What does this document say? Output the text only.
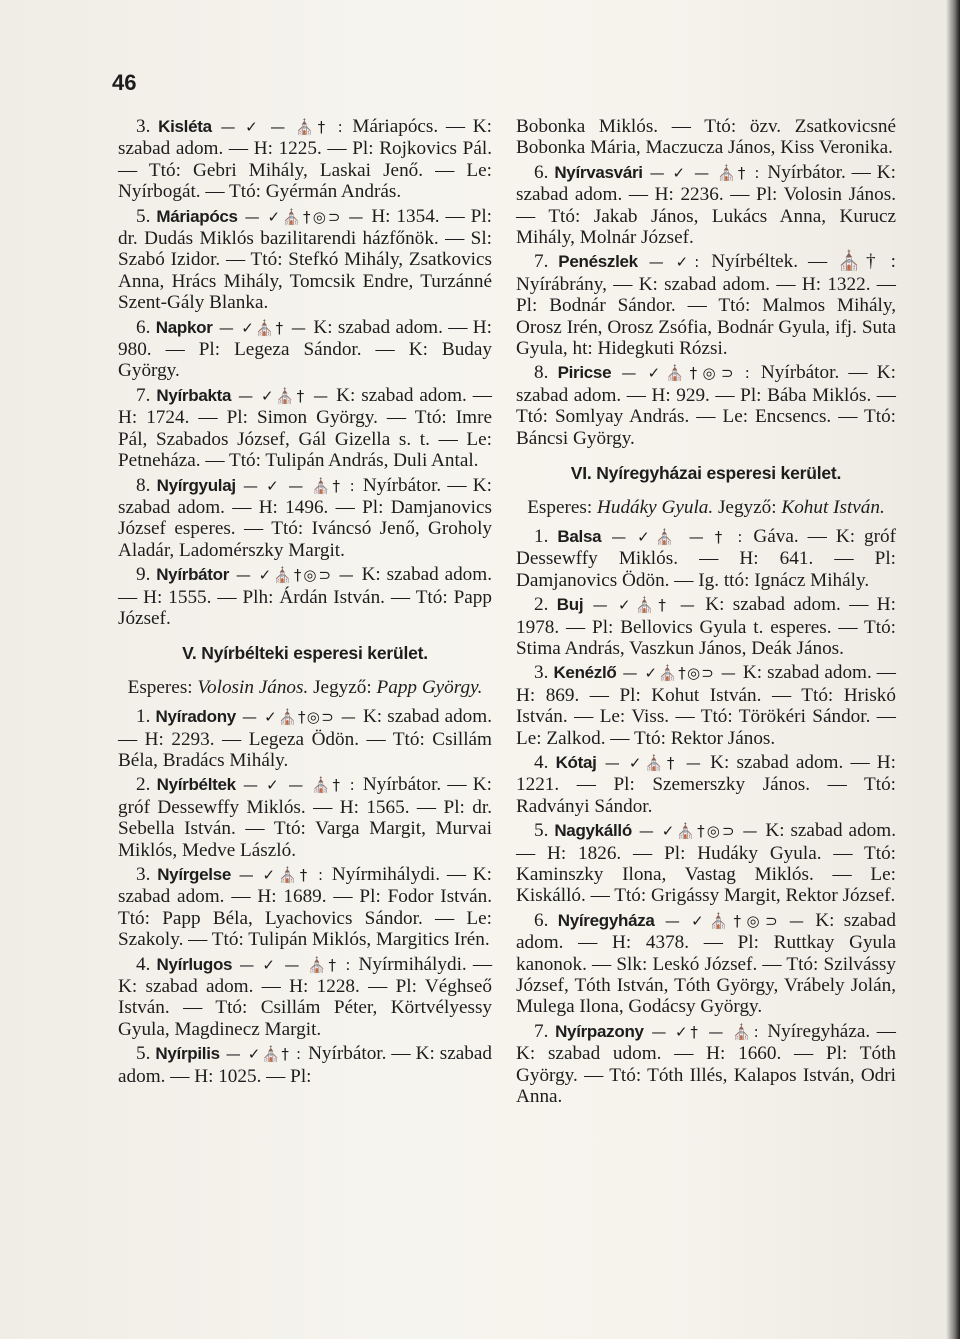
46

3. Kisléta — ✓ — ⛪† : Máriapócs. — K: szabad adom. — H: 1225. — Pl: Rojkovics Pál. — Ttó: Gebri Mihály, Laskai Jenő. — Le: Nyírbogát. — Ttó: Gyérmán András.

5. Máriapócs — ✓⛪†◎⊃ — H: 1354. — Pl: dr. Dudás Miklós bazilitarendi házfőnök. — Sl: Szabó Izidor. — Ttó: Stefkó Mihály, Zsatkovics Anna, Hrács Mihály, Tomcsik Endre, Turzánné Szent-Gály Blanka.

6. Napkor — ✓⛪† — K: szabad adom. — H: 980. — Pl: Legeza Sándor. — K: Buday György.

7. Nyírbakta — ✓⛪† — K: szabad adom. — H: 1724. — Pl: Simon György. — Ttó: Imre Pál, Szabados József, Gál Gizella s. t. — Le: Petneháza. — Ttó: Tulipán András, Duli Antal.

8. Nyírgyulaj — ✓ — ⛪† : Nyírbátor. — K: szabad adom. — H: 1496. — Pl: Damjanovics József esperes. — Ttó: Iváncsó Jenő, Groholy Aladár, Ladomérszky Margit.

9. Nyírbátor — ✓⛪†◎⊃ — K: szabad adom. — H: 1555. — Plh: Árdán István. — Ttó: Papp József.

V. Nyírbélteki esperesi kerület.
Esperes: Volosin János. Jegyző: Papp György.

1. Nyíradony — ✓⛪†◎⊃ — K: szabad adom. — H: 2293. — Legeza Ödön. — Ttó: Csillám Béla, Bradács Mihály.

2. Nyírbéltek — ✓ — ⛪† : Nyírbátor. — K: gróf Dessewffy Miklós. — H: 1565. — Pl: dr. Sebella István. — Ttó: Varga Margit, Murvai Miklós, Medve László.

3. Nyírgelse — ✓⛪† : Nyírmihálydi. — K: szabad adom. — H: 1689. — Pl: Fodor István. Ttó: Papp Béla, Lyachovics Sándor. — Le: Szakoly. — Ttó: Tulipán Miklós, Margitics Irén.

4. Nyírlugos — ✓ — ⛪† : Nyírmihálydi. — K: szabad adom. — H: 1228. — Pl: Véghseő István. — Ttó: Csillám Péter, Körtvélyessy Gyula, Magdinecz Margit.

5. Nyírpilis — ✓⛪† : Nyírbátor. — K: szabad adom. — H: 1025. — Pl:

Bobonka Miklós. — Ttó: özv. Zsatkovicsné Bobonka Mária, Maczucza János, Kiss Veronika.

6. Nyírvasvári — ✓ — ⛪† : Nyírbátor. — K: szabad adom. — H: 2236. — Pl: Volosin János. — Ttó: Jakab János, Lukács Anna, Kurucz Mihály, Molnár József.

7. Penészlek — ✓: Nyírbéltek. — ⛪† : Nyírábrány, — K: szabad adom. — H: 1322. — Pl: Bodnár Sándor. — Ttó: Malmos Mihály, Orosz Irén, Orosz Zsófia, Bodnár Gyula, ifj. Suta Gyula, ht: Hidegkuti Rózsi.

8. Piricse — ✓⛪†◎⊃ : Nyírbátor. — K: szabad adom. — H: 929. — Pl: Bába Miklós. — Ttó: Somlyay András. — Le: Encsencs. — Ttó: Báncsi György.

VI. Nyíregyházai esperesi kerület.
Esperes: Hudáky Gyula. Jegyző: Kohut István.

1. Balsa — ✓⛪ — † : Gáva. — K: gróf Dessewffy Miklós. — H: 641. — Pl: Damjanovics Ödön. — Ig. ttó: Ignácz Mihály.

2. Buj — ✓⛪† — K: szabad adom. — H: 1978. — Pl: Bellovics Gyula t. esperes. — Ttó: Stima András, Vaszkun János, Deák János.

3. Kenézlő — ✓⛪†◎⊃ — K: szabad adom. — H: 869. — Pl: Kohut István. — Ttó: Hriskó István. — Le: Viss. — Ttó: Törökéri Sándor. — Le: Zalkod. — Ttó: Rektor János.

4. Kótaj — ✓⛪† — K: szabad adom. — H: 1221. — Pl: Szemerszky János. — Ttó: Radványi Sándor.

5. Nagykálló — ✓⛪†◎⊃ — K: szabad adom. — H: 1826. — Pl: Hudáky Gyula. — Ttó: Kaminszky Ilona, Vastag Miklós. — Le: Kiskálló. — Ttó: Grigássy Margit, Rektor József.

6. Nyíregyháza — ✓⛪†◎⊃ — K: szabad adom. — H: 4378. — Pl: Ruttkay Gyula kanonok. — Slk: Leskó József. — Ttó: Szilvássy József, Tóth István, Tóth György, Vrábely Jolán, Mulega Ilona, Godácsy György.

7. Nyírpazony — ✓† — ⛪: Nyíregyháza. — K: szabad udom. — H: 1660. — Pl: Tóth György. — Ttó: Tóth Illés, Kalapos István, Odri Anna.
